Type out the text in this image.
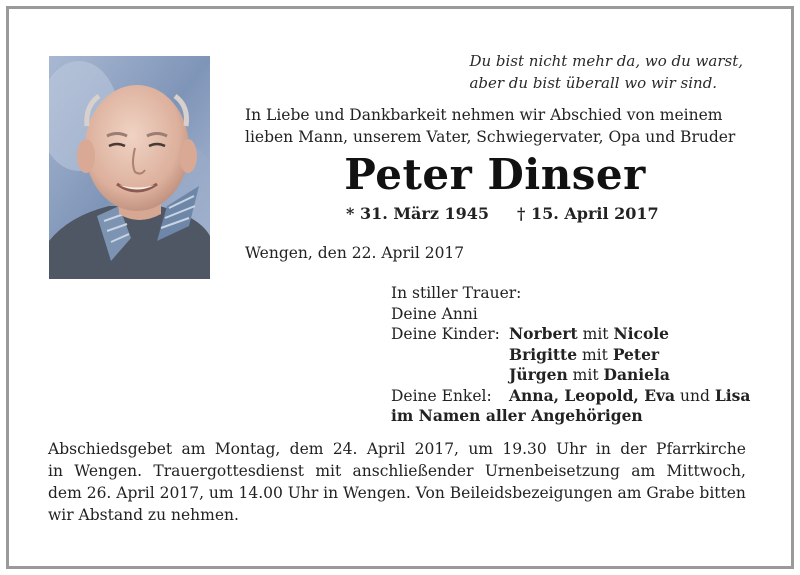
Du bist nicht mehr da, wo du warst,
aber du bist überall wo wir sind.
In Liebe und Dankbarkeit nehmen wir Abschied von meinem
lieben Mann, unserem Vater, Schwiegervater, Opa und Bruder
Peter Dinser
* 31. März 1945 † 15. April 2017
Wengen, den 22. April 2017
In stiller Trauer:
Deine Anni
Deine Kinder: Norbert mit Nicole
Brigitte mit Peter
Jürgen mit Daniela
Deine Enkel:	Anna, Leopold, Eva und Lisa
im Namen aller Angehörigen
Abschiedsgebet am Montag, dem 24. April 2017, um 19.30 Uhr in der Pfarrkirche
in Wengen. Trauergottesdienst mit anschließender Urnenbeisetzung am Mittwoch,
dem 26. April 2017, um 14.00 Uhr in Wengen. Von Beileidsbezeigungen am Grabe bitten
wir Abstand zu nehmen.
